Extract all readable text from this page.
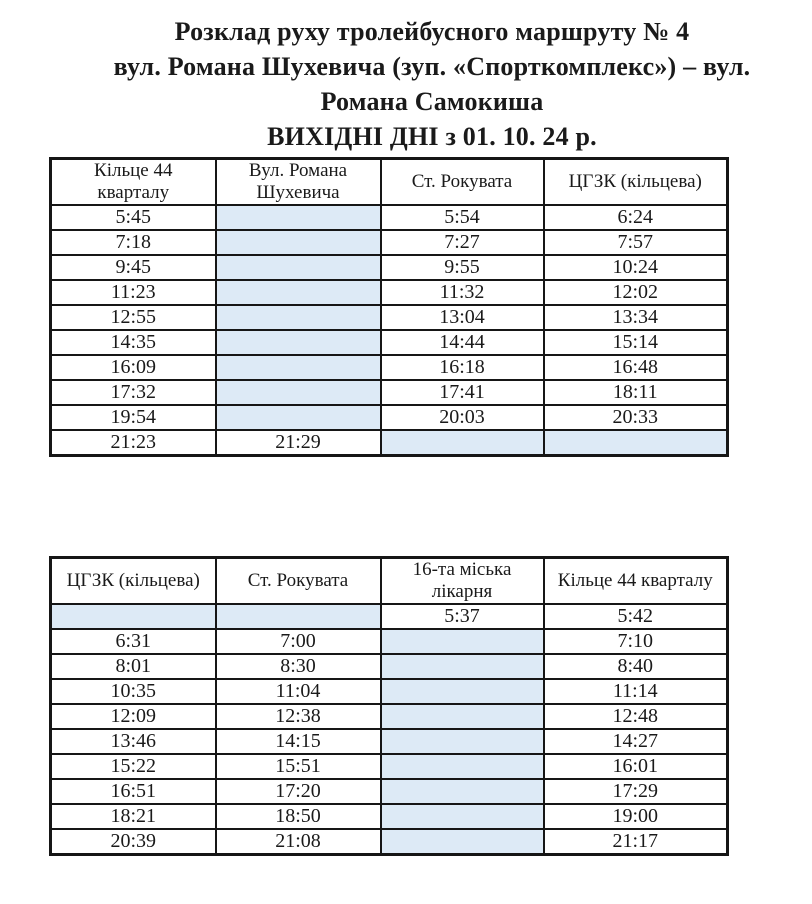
Розклад руху тролейбусного маршруту № 4
вул. Романа Шухевича (зуп. «Спорткомплекс») – вул.
Романа Самокиша
ВИХІДНІ ДНІ з 01. 10. 24 р.
Кільце 44 кварталу	Вул. Романа Шухевича	Ст. Рокувата	ЦГЗК (кільцева)
5:45		5:54	6:24
7:18		7:27	7:57
9:45		9:55	10:24
11:23		11:32	12:02
12:55		13:04	13:34
14:35		14:44	15:14
16:09		16:18	16:48
17:32		17:41	18:11
19:54		20:03	20:33
21:23	21:29		
ЦГЗК (кільцева)	Ст. Рокувата	16-та міська лікарня	Кільце 44 кварталу
		5:37	5:42
6:31	7:00		7:10
8:01	8:30		8:40
10:35	11:04		11:14
12:09	12:38		12:48
13:46	14:15		14:27
15:22	15:51		16:01
16:51	17:20		17:29
18:21	18:50		19:00
20:39	21:08		21:17
